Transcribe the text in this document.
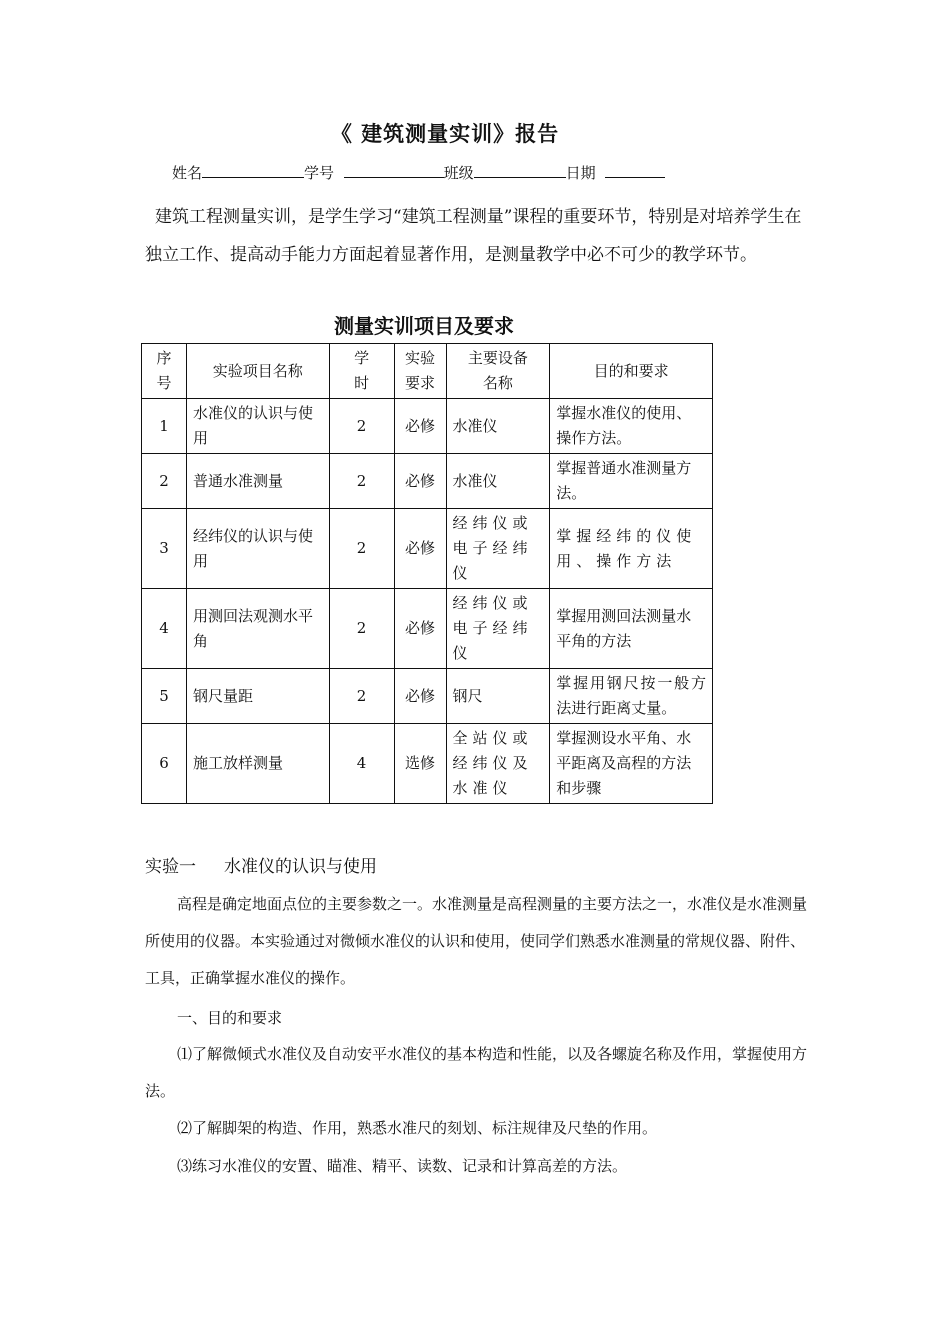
《 建筑测量实训》报告
姓名	学号	班级	日期
建筑工程测量实训，是学生学习“建筑工程测量”课程的重要环节，特别是对培养学生在独立工作、提高动手能力方面起着显著作用，是测量教学中必不可少的教学环节。
测量实训项目及要求
序号	实验项目名称	学时	实验要求	主要设备名称	目的和要求
1	水准仪的认识与使用	2	必修	水准仪	掌握水准仪的使用、操作方法。
2	普通水准测量	2	必修	水准仪	掌握普通水准测量方法。
3	经纬仪的认识与使用	2	必修	经纬仪或电子经纬仪	掌握经纬的仪使用、操作方法
4	用测回法观测水平角	2	必修	经纬仪或电子经纬仪	掌握用测回法测量水平角的方法
5	钢尺量距	2	必修	钢尺	掌握用钢尺按一般方法进行距离丈量。
6	施工放样测量	4	选修	全站仪或经纬仪及水准仪	掌握测设水平角、水平距离及高程的方法和步骤
实验一 水准仪的认识与使用
高程是确定地面点位的主要参数之一。水准测量是高程测量的主要方法之一，水准仪是水准测量所使用的仪器。本实验通过对微倾水准仪的认识和使用，使同学们熟悉水准测量的常规仪器、附件、工具，正确掌握水准仪的操作。
一、目的和要求
⑴了解微倾式水准仪及自动安平水准仪的基本构造和性能，以及各螺旋名称及作用，掌握使用方法。
⑵了解脚架的构造、作用，熟悉水准尺的刻划、标注规律及尺垫的作用。
⑶练习水准仪的安置、瞄准、精平、读数、记录和计算高差的方法。
